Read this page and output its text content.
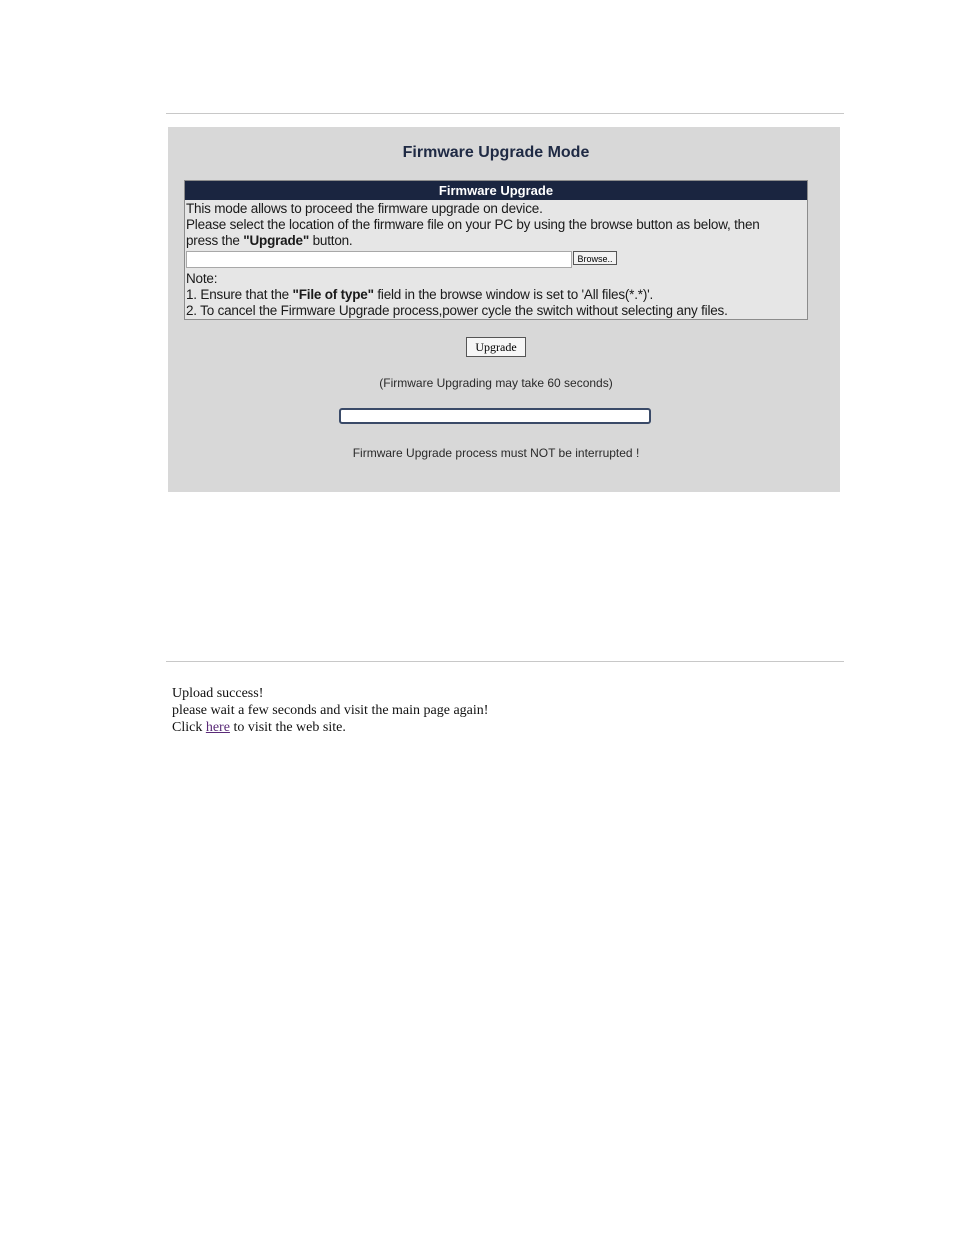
Firmware Upgrade Mode
Firmware Upgrade

This mode allows to proceed the firmware upgrade on device.

Please select the location of the firmware file on your PC by using the browse button as below, then

press the "Upgrade" button.

Browse..

Note:

1. Ensure that the "File of type" field in the browse window is set to 'All files(*.*)'.

2. To cancel the Firmware Upgrade process,power cycle the switch without selecting any files.

Upgrade
(Firmware Upgrading may take 60 seconds)
Firmware Upgrade process must NOT be interrupted !

Upload success!

please wait a few seconds and visit the main page again!

Click here to visit the web site.
